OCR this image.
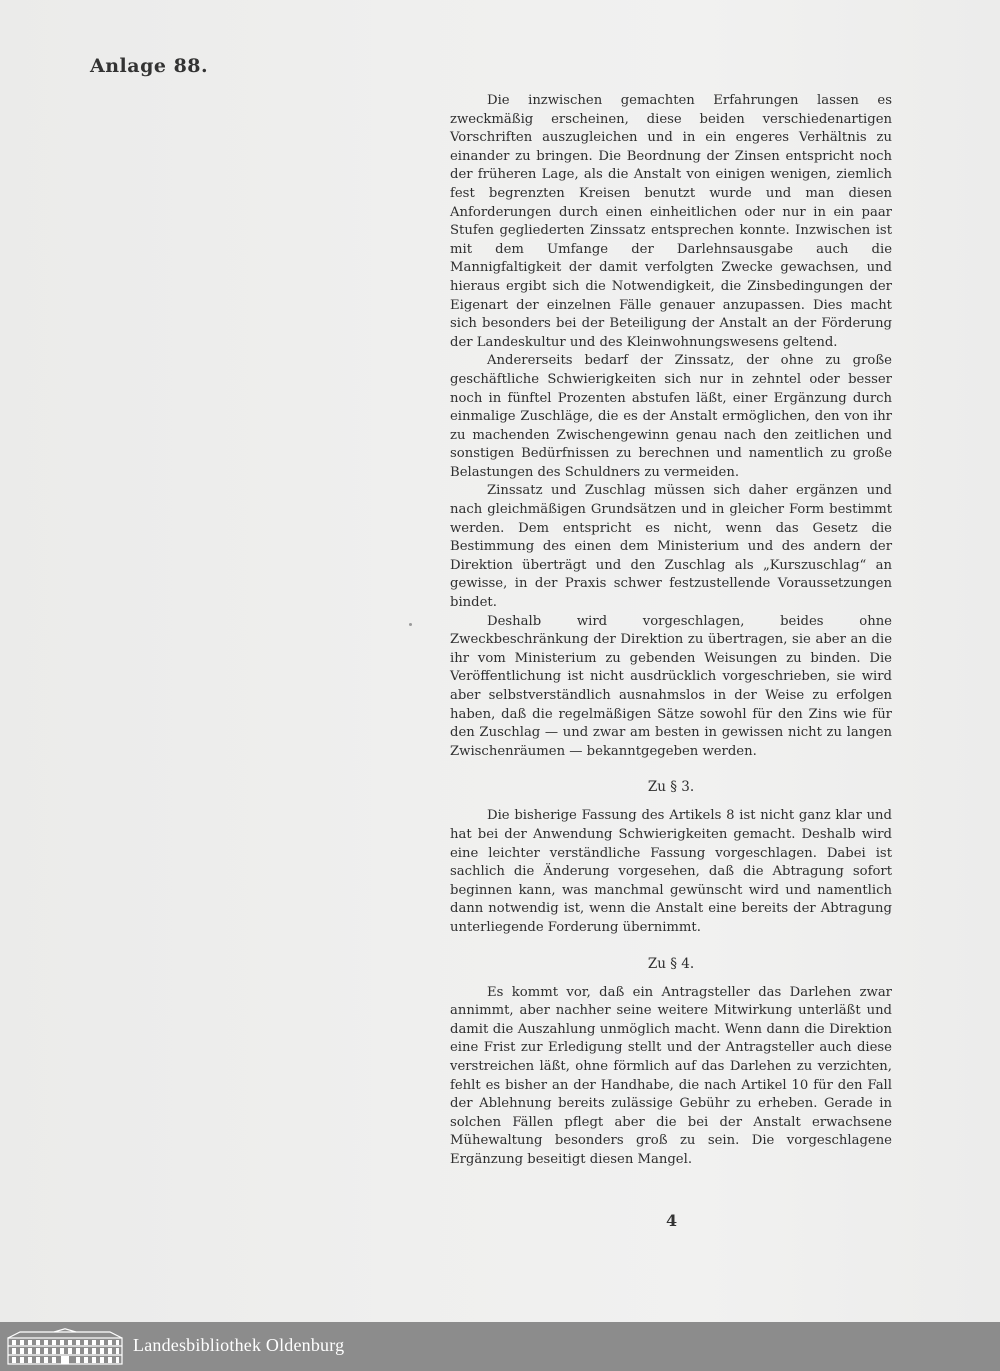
Anlage 88.

Die inzwischen gemachten Erfahrungen lassen es zweckmäßig erscheinen, diese beiden verschiedenartigen Vorschriften auszugleichen und in ein engeres Verhältnis zu einander zu bringen. Die Beordnung der Zinsen entspricht noch der früheren Lage, als die Anstalt von einigen wenigen, ziemlich fest begrenzten Kreisen benutzt wurde und man diesen Anforderungen durch einen einheitlichen oder nur in ein paar Stufen gegliederten Zinssatz entsprechen konnte. Inzwischen ist mit dem Umfange der Darlehnsausgabe auch die Mannigfaltigkeit der damit verfolgten Zwecke gewachsen, und hieraus ergibt sich die Notwendigkeit, die Zinsbedingungen der Eigenart der einzelnen Fälle genauer anzupassen. Dies macht sich besonders bei der Beteiligung der Anstalt an der Förderung der Landeskultur und des Kleinwohnungswesens geltend.

Andererseits bedarf der Zinssatz, der ohne zu große geschäftliche Schwierigkeiten sich nur in zehntel oder besser noch in fünftel Prozenten abstufen läßt, einer Ergänzung durch einmalige Zuschläge, die es der Anstalt ermöglichen, den von ihr zu machenden Zwischengewinn genau nach den zeitlichen und sonstigen Bedürfnissen zu berechnen und namentlich zu große Belastungen des Schuldners zu vermeiden.

Zinssatz und Zuschlag müssen sich daher ergänzen und nach gleichmäßigen Grundsätzen und in gleicher Form bestimmt werden. Dem entspricht es nicht, wenn das Gesetz die Bestimmung des einen dem Ministerium und des andern der Direktion überträgt und den Zuschlag als „Kurszuschlag“ an gewisse, in der Praxis schwer festzustellende Voraussetzungen bindet.

Deshalb wird vorgeschlagen, beides ohne Zweckbeschränkung der Direktion zu übertragen, sie aber an die ihr vom Ministerium zu gebenden Weisungen zu binden. Die Veröffentlichung ist nicht ausdrücklich vorgeschrieben, sie wird aber selbstverständlich ausnahmslos in der Weise zu erfolgen haben, daß die regelmäßigen Sätze sowohl für den Zins wie für den Zuschlag — und zwar am besten in gewissen nicht zu langen Zwischenräumen — bekanntgegeben werden.

Zu § 3.

Die bisherige Fassung des Artikels 8 ist nicht ganz klar und hat bei der Anwendung Schwierigkeiten gemacht. Deshalb wird eine leichter verständliche Fassung vorgeschlagen. Dabei ist sachlich die Änderung vorgesehen, daß die Abtragung sofort beginnen kann, was manchmal gewünscht wird und namentlich dann notwendig ist, wenn die Anstalt eine bereits der Abtragung unterliegende Forderung übernimmt.

Zu § 4.

Es kommt vor, daß ein Antragsteller das Darlehen zwar annimmt, aber nachher seine weitere Mitwirkung unterläßt und damit die Auszahlung unmöglich macht. Wenn dann die Direktion eine Frist zur Erledigung stellt und der Antragsteller auch diese verstreichen läßt, ohne förmlich auf das Darlehen zu verzichten, fehlt es bisher an der Handhabe, die nach Artikel 10 für den Fall der Ablehnung bereits zulässige Gebühr zu erheben. Gerade in solchen Fällen pflegt aber die bei der Anstalt erwachsene Mühewaltung besonders groß zu sein. Die vorgeschlagene Ergänzung beseitigt diesen Mangel.

4
Landesbibliothek Oldenburg
